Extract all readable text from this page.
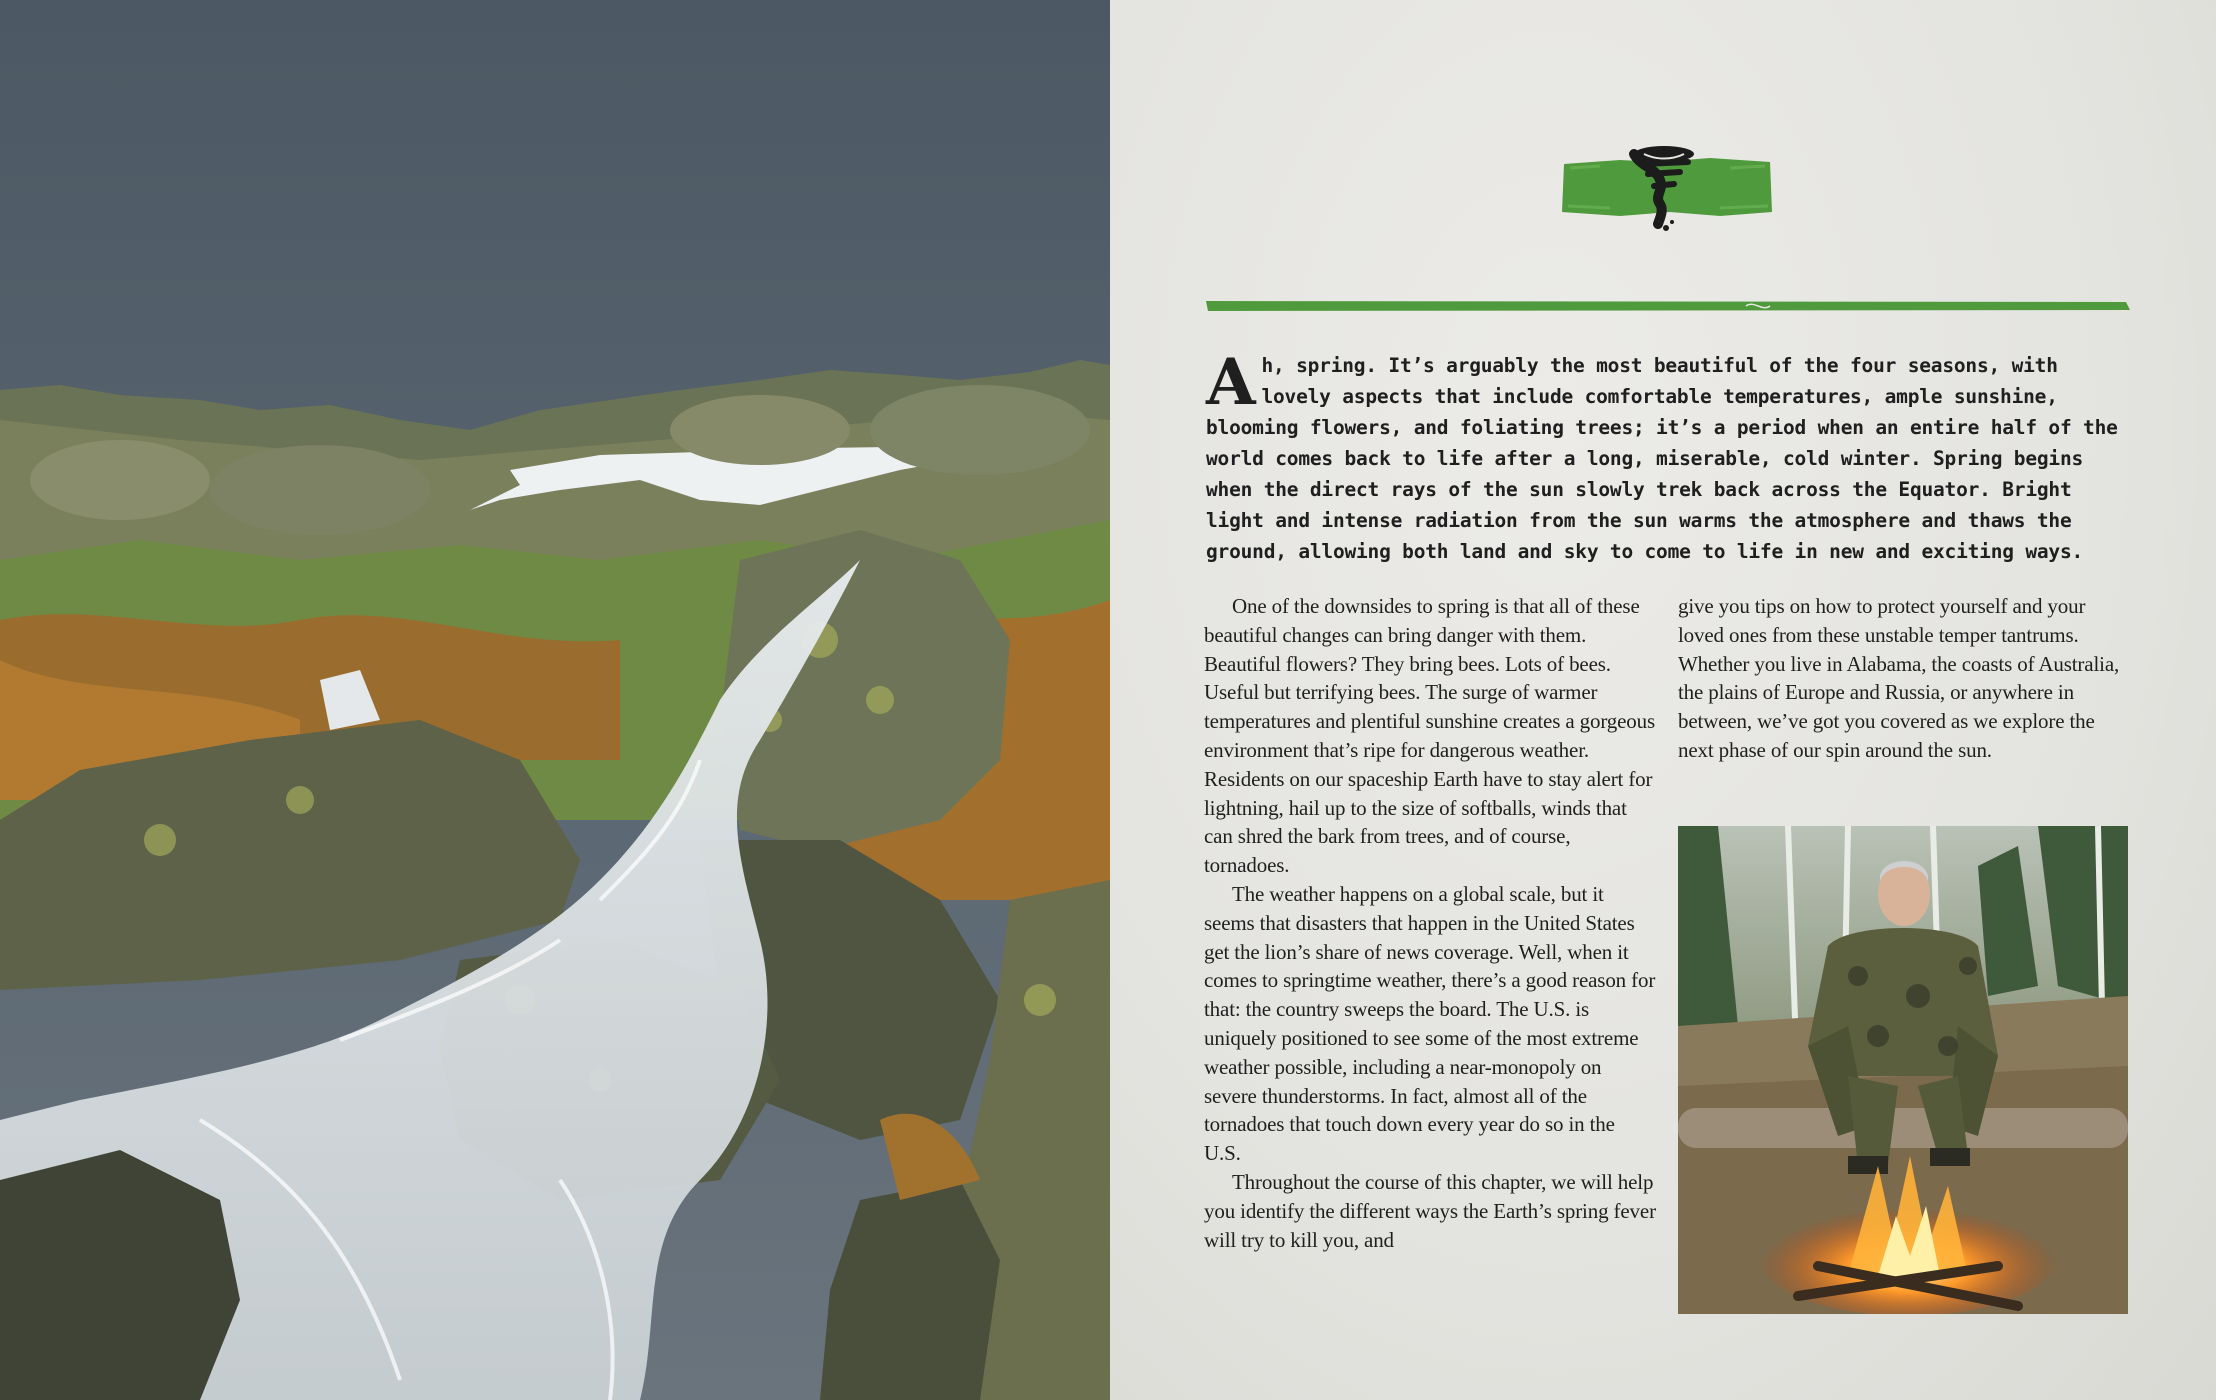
Ah, spring. It’s arguably the most beautiful of the four seasons, with lovely aspects that include comfortable temperatures, ample sunshine, blooming flowers, and foliating trees; it’s a period when an entire half of the world comes back to life after a long, miserable, cold winter. Spring begins when the direct rays of the sun slowly trek back across the Equator. Bright light and intense radiation from the sun warms the atmosphere and thaws the ground, allowing both land and sky to come to life in new and exciting ways.

One of the downsides to spring is that all of these beautiful changes can bring danger with them. Beautiful flowers? They bring bees. Lots of bees. Useful but terrifying bees. The surge of warmer temperatures and plentiful sunshine creates a gorgeous environment that’s ripe for dangerous weather. Residents on our spaceship Earth have to stay alert for lightning, hail up to the size of softballs, winds that can shred the bark from trees, and of course, tornadoes.

The weather happens on a global scale, but it seems that disasters that happen in the United States get the lion’s share of news coverage. Well, when it comes to springtime weather, there’s a good reason for that: the country sweeps the board. The U.S. is uniquely positioned to see some of the most extreme weather possible, including a near-monopoly on severe thunderstorms. In fact, almost all of the tornadoes that touch down every year do so in the U.S.

Throughout the course of this chapter, we will help you identify the different ways the Earth’s spring fever will try to kill you, and

give you tips on how to protect yourself and your loved ones from these unstable temper tantrums. Whether you live in Alabama, the coasts of Australia, the plains of Europe and Russia, or anywhere in between, we’ve got you covered as we explore the next phase of our spin around the sun.
